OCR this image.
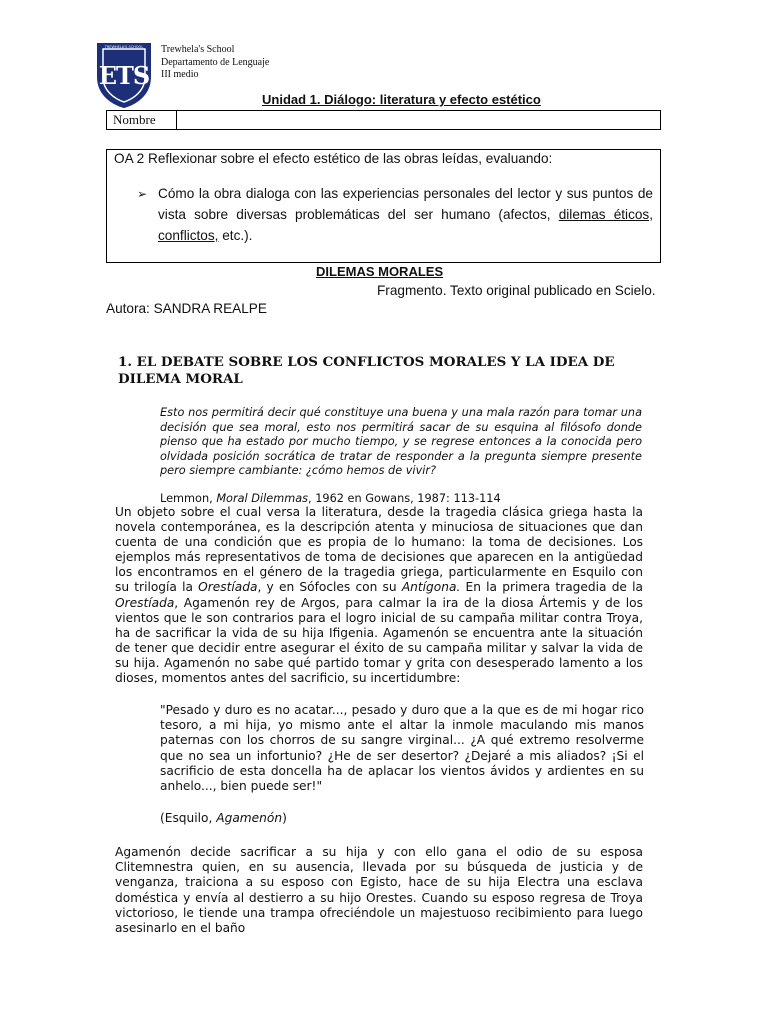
TREWHELA'S SCHOOL
ETS
Trewhela's School
Departamento de Lenguaje
III medio
Unidad 1. Diálogo: literatura y efecto estético
Nombre
OA 2 Reflexionar sobre el efecto estético de las obras leídas, evaluando:
➢ Cómo la obra dialoga con las experiencias personales del lector y sus puntos de vista sobre diversas problemáticas del ser humano (afectos, dilemas éticos, conflictos, etc.).
DILEMAS MORALES
Fragmento. Texto original publicado en Scielo.
Autora: SANDRA REALPE
1. EL DEBATE SOBRE LOS CONFLICTOS MORALES Y LA IDEA DE DILEMA MORAL
Esto nos permitirá decir qué constituye una buena y una mala razón para tomar una decisión que sea moral, esto nos permitirá sacar de su esquina al filósofo donde pienso que ha estado por mucho tiempo, y se regrese entonces a la conocida pero olvidada posición socrática de tratar de responder a la pregunta siempre presente pero siempre cambiante: ¿cómo hemos de vivir?
Lemmon, Moral Dilemmas, 1962 en Gowans, 1987: 113-114
Un objeto sobre el cual versa la literatura, desde la tragedia clásica griega hasta la novela contemporánea, es la descripción atenta y minuciosa de situaciones que dan cuenta de una condición que es propia de lo humano: la toma de decisiones. Los ejemplos más representativos de toma de decisiones que aparecen en la antigüedad los encontramos en el género de la tragedia griega, particularmente en Esquilo con su trilogía la Orestíada, y en Sófocles con su Antígona. En la primera tragedia de la Orestíada, Agamenón rey de Argos, para calmar la ira de la diosa Ártemis y de los vientos que le son contrarios para el logro inicial de su campaña militar contra Troya, ha de sacrificar la vida de su hija Ifigenia. Agamenón se encuentra ante la situación de tener que decidir entre asegurar el éxito de su campaña militar y salvar la vida de su hija. Agamenón no sabe qué partido tomar y grita con desesperado lamento a los dioses, momentos antes del sacrificio, su incertidumbre:
"Pesado y duro es no acatar..., pesado y duro que a la que es de mi hogar rico tesoro, a mi hija, yo mismo ante el altar la inmole maculando mis manos paternas con los chorros de su sangre virginal... ¿A qué extremo resolverme que no sea un infortunio? ¿He de ser desertor? ¿Dejaré a mis aliados? ¡Si el sacrificio de esta doncella ha de aplacar los vientos ávidos y ardientes en su anhelo..., bien puede ser!"
(Esquilo, Agamenón)
Agamenón decide sacrificar a su hija y con ello gana el odio de su esposa Clitemnestra quien, en su ausencia, llevada por su búsqueda de justicia y de venganza, traiciona a su esposo con Egisto, hace de su hija Electra una esclava doméstica y envía al destierro a su hijo Orestes. Cuando su esposo regresa de Troya victorioso, le tiende una trampa ofreciéndole un majestuoso recibimiento para luego asesinarlo en el baño
